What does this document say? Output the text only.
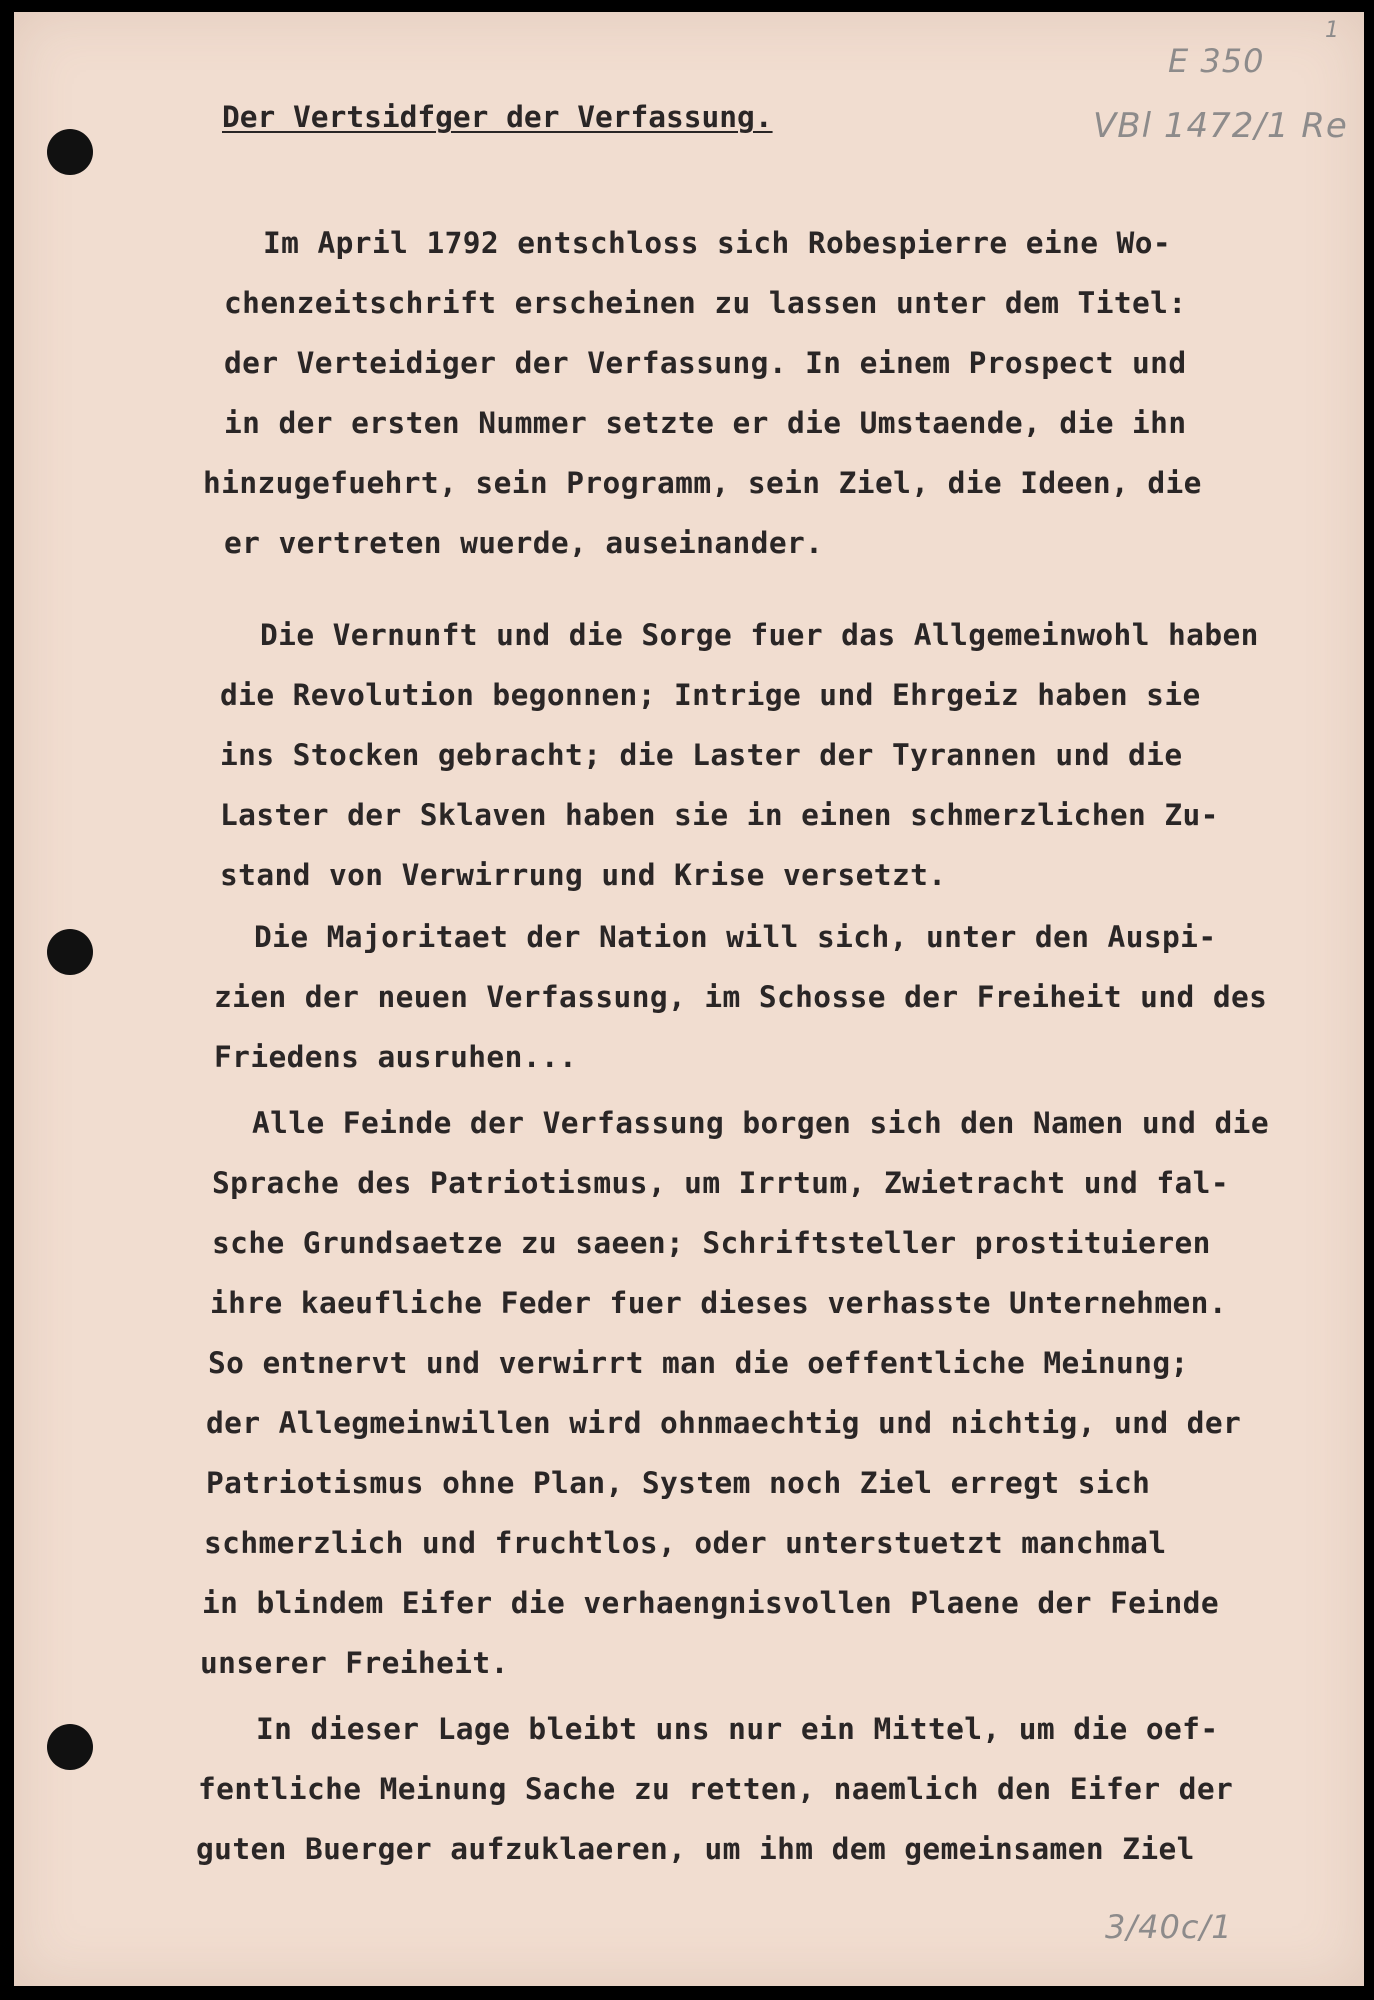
1
E 350
VBl 1472/1 Re
3/40c/1
Der Vertsidfger der Verfassung.
Im April 1792 entschloss sich Robespierre eine Wo-
chenzeitschrift erscheinen zu lassen unter dem Titel:
der Verteidiger der Verfassung. In einem Prospect und
in der ersten Nummer setzte er die Umstaende, die ihn
hinzugefuehrt, sein Programm, sein Ziel, die Ideen, die
er vertreten wuerde, auseinander.
Die Vernunft und die Sorge fuer das Allgemeinwohl haben
die Revolution begonnen; Intrige und Ehrgeiz haben sie
ins Stocken gebracht; die Laster der Tyrannen und die
Laster der Sklaven haben sie in einen schmerzlichen Zu-
stand von Verwirrung und Krise versetzt.
Die Majoritaet der Nation will sich, unter den Auspi-
zien der neuen Verfassung, im Schosse der Freiheit und des
Friedens ausruhen...
Alle Feinde der Verfassung borgen sich den Namen und die
Sprache des Patriotismus, um Irrtum, Zwietracht und fal-
sche Grundsaetze zu saeen; Schriftsteller prostituieren
ihre kaeufliche Feder fuer dieses verhasste Unternehmen.
So entnervt und verwirrt man die oeffentliche Meinung;
der Allegmeinwillen wird ohnmaechtig und nichtig, und der
Patriotismus ohne Plan, System noch Ziel erregt sich
schmerzlich und fruchtlos, oder unterstuetzt manchmal
in blindem Eifer die verhaengnisvollen Plaene der Feinde
unserer Freiheit.
In dieser Lage bleibt uns nur ein Mittel, um die oef-
fentliche Meinung Sache zu retten, naemlich den Eifer der
guten Buerger aufzuklaeren, um ihm dem gemeinsamen Ziel
